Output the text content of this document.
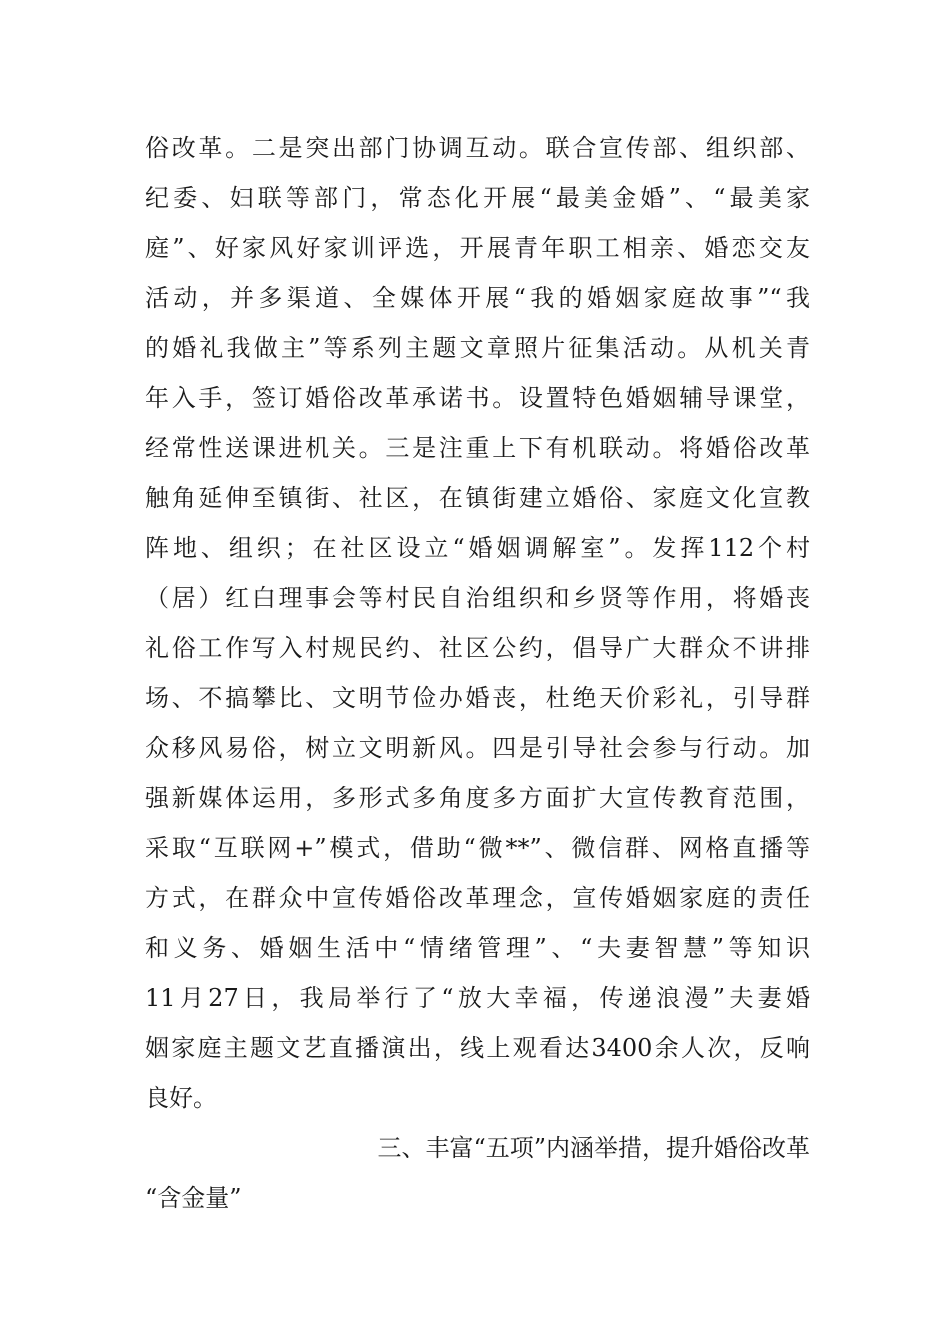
俗改革。二是突出部门协调互动。联合宣传部、组织部、
纪委、妇联等部门，常态化开展“最美金婚”、“最美家
庭”、好家风好家训评选，开展青年职工相亲、婚恋交友
活动，并多渠道、全媒体开展“我的婚姻家庭故事”“我
的婚礼我做主”等系列主题文章照片征集活动。从机关青
年入手，签订婚俗改革承诺书。设置特色婚姻辅导课堂，
经常性送课进机关。三是注重上下有机联动。将婚俗改革
触角延伸至镇街、社区，在镇街建立婚俗、家庭文化宣教
阵地、组织；在社区设立“婚姻调解室”。发挥112个村
（居）红白理事会等村民自治组织和乡贤等作用，将婚丧
礼俗工作写入村规民约、社区公约，倡导广大群众不讲排
场、不搞攀比、文明节俭办婚丧，杜绝天价彩礼，引导群
众移风易俗，树立文明新风。四是引导社会参与行动。加
强新媒体运用，多形式多角度多方面扩大宣传教育范围，
采取“互联网+”模式，借助“微**”、微信群、网格直播等
方式，在群众中宣传婚俗改革理念，宣传婚姻家庭的责任
和义务、婚姻生活中“情绪管理”、“夫妻智慧”等知识
11月27日，我局举行了“放大幸福，传递浪漫”夫妻婚
姻家庭主题文艺直播演出，线上观看达3400余人次，反响
良好。
三、丰富“五项”内涵举措，提升婚俗改革
“含金量”
